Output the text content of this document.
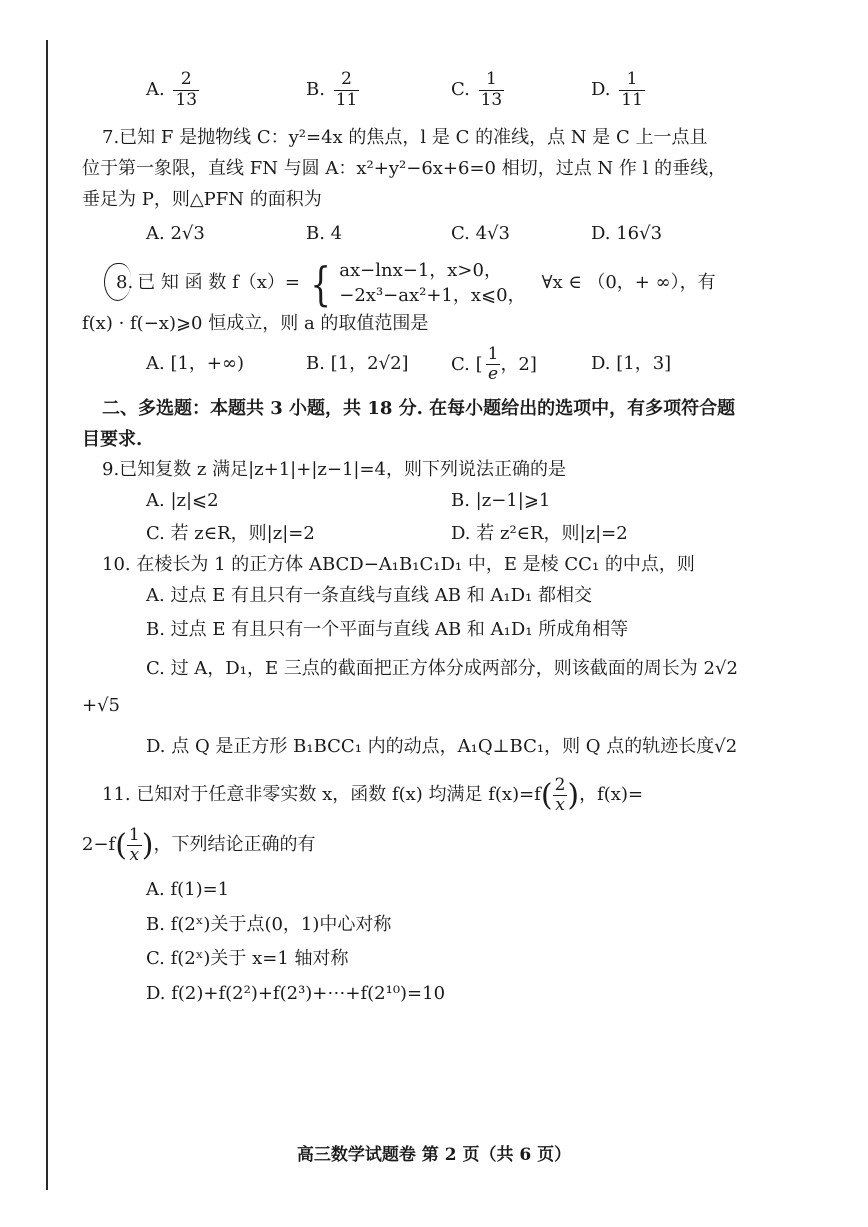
A. $\frac{2}{13}$	B. $\frac{2}{11}$	C. $\frac{1}{13}$	D. $\frac{1}{11}$
7.已知 F 是抛物线 C：y²=4x 的焦点，l 是 C 的准线，点 N 是 C 上一点且
位于第一象限，直线 FN 与圆 A：x²+y²−6x+6=0 相切，过点 N 作 l 的垂线，
垂足为 P，则△PFN 的面积为
A. 2√3	B. 4	C. 4√3	D. 16√3
8. 已 知 函 数 f（x）= { ax−lnx−1，x>0，
−2x³−ax²+1，x⩽0，
∀x ∈ （0，+ ∞），有
f(x) · f(−x)⩾0 恒成立，则 a 的取值范围是
A. [1，+∞)	B. [1，2√2]	C. [ $\frac{1}{e}$ ，2]	D. [1，3]
二、多选题：本题共 3 小题，共 18 分. 在每小题给出的选项中，有多项符合题
目要求.
9.已知复数 z 满足|z+1|+|z−1|=4，则下列说法正确的是
A. |z|⩽2	B. |z−1|⩾1
C. 若 z∈R，则|z|=2	D. 若 z²∈R，则|z|=2
10. 在棱长为 1 的正方体 ABCD−A₁B₁C₁D₁ 中，E 是棱 CC₁ 的中点，则
A. 过点 E 有且只有一条直线与直线 AB 和 A₁D₁ 都相交
B. 过点 E 有且只有一个平面与直线 AB 和 A₁D₁ 所成角相等
C. 过 A，D₁，E 三点的截面把正方体分成两部分，则该截面的周长为 2√2
+√5
D. 点 Q 是正方形 B₁BCC₁ 内的动点，A₁Q⊥BC₁，则 Q 点的轨迹长度√2
11. 已知对于任意非零实数 x，函数 f(x) 均满足 f(x)=f ( $\frac{2}{x}$ ) ，f(x)=
2−f ( $\frac{1}{x}$ ) ，下列结论正确的有
A. f(1)=1
B. f(2ˣ)关于点(0，1)中心对称
C. f(2ˣ)关于 x=1 轴对称
D. f(2)+f(2²)+f(2³)+⋯+f(2¹⁰)=10
高三数学试题卷 第 2 页（共 6 页）
